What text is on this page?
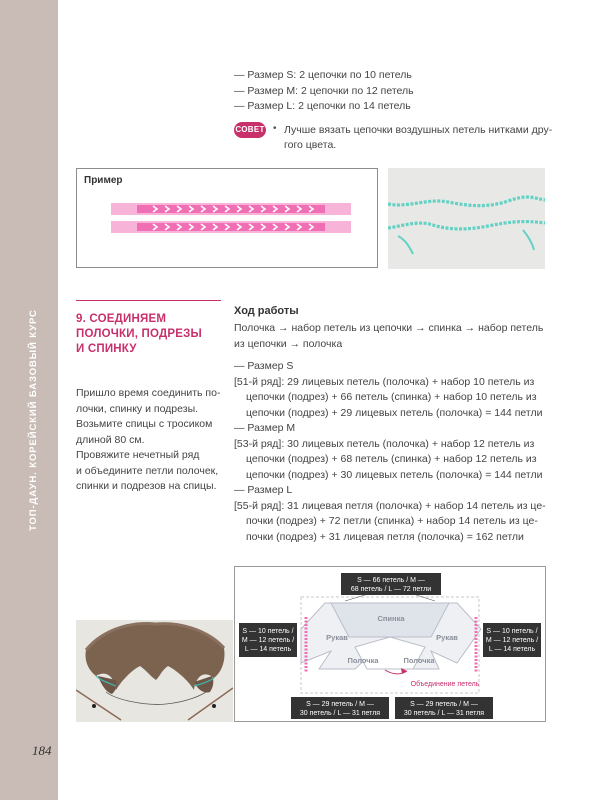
ТОП-ДАУН. КОРЕЙСКИЙ БАЗОВЫЙ КУРС
184
— Размер S: 2 цепочки по 10 петель
— Размер M: 2 цепочки по 12 петель
— Размер L: 2 цепочки по 14 петель
СОВЕТ • Лучше вязать цепочки воздушных петель нитками дру-
гого цвета.
Пример
9. СОЕДИНЯЕМ
ПОЛОЧКИ, ПОДРЕЗЫ
И СПИНКУ
Пришло время соединить по-
лочки, спинку и подрезы.
Возьмите спицы с тросиком
длиной 80 см.
Провяжите нечетный ряд
и объедините петли полочек,
спинки и подрезов на спицы.
Ход работы
Полочка → набор петель из цепочки → спинка → набор петель
из цепочки → полочка
— Размер S
[51-й ряд]: 29 лицевых петель (полочка) + набор 10 петель из
цепочки (подрез) + 66 петель (спинка) + набор 10 петель из
цепочки (подрез) + 29 лицевых петель (полочка) = 144 петли
— Размер M
[53-й ряд]: 30 лицевых петель (полочка) + набор 12 петель из
цепочки (подрез) + 68 петель (спинка) + набор 12 петель из
цепочки (подрез) + 30 лицевых петель (полочка) = 144 петли
— Размер L
[55-й ряд]: 31 лицевая петля (полочка) + набор 14 петель из це-
почки (подрез) + 72 петли (спинка) + набор 14 петель из це-
почки (подрез) + 31 лицевая петля (полочка) = 162 петли
S — 66 петель / M —
68 петель / L — 72 петли
S — 10 петель /
M — 12 петель /
L — 14 петель
S — 10 петель /
M — 12 петель /
L — 14 петель
S — 29 петель / M —
30 петель / L — 31 петля
S — 29 петель / M —
30 петель / L — 31 петля
Спинка
Рукав	Рукав
Полочка	Полочка
Объединение петель
